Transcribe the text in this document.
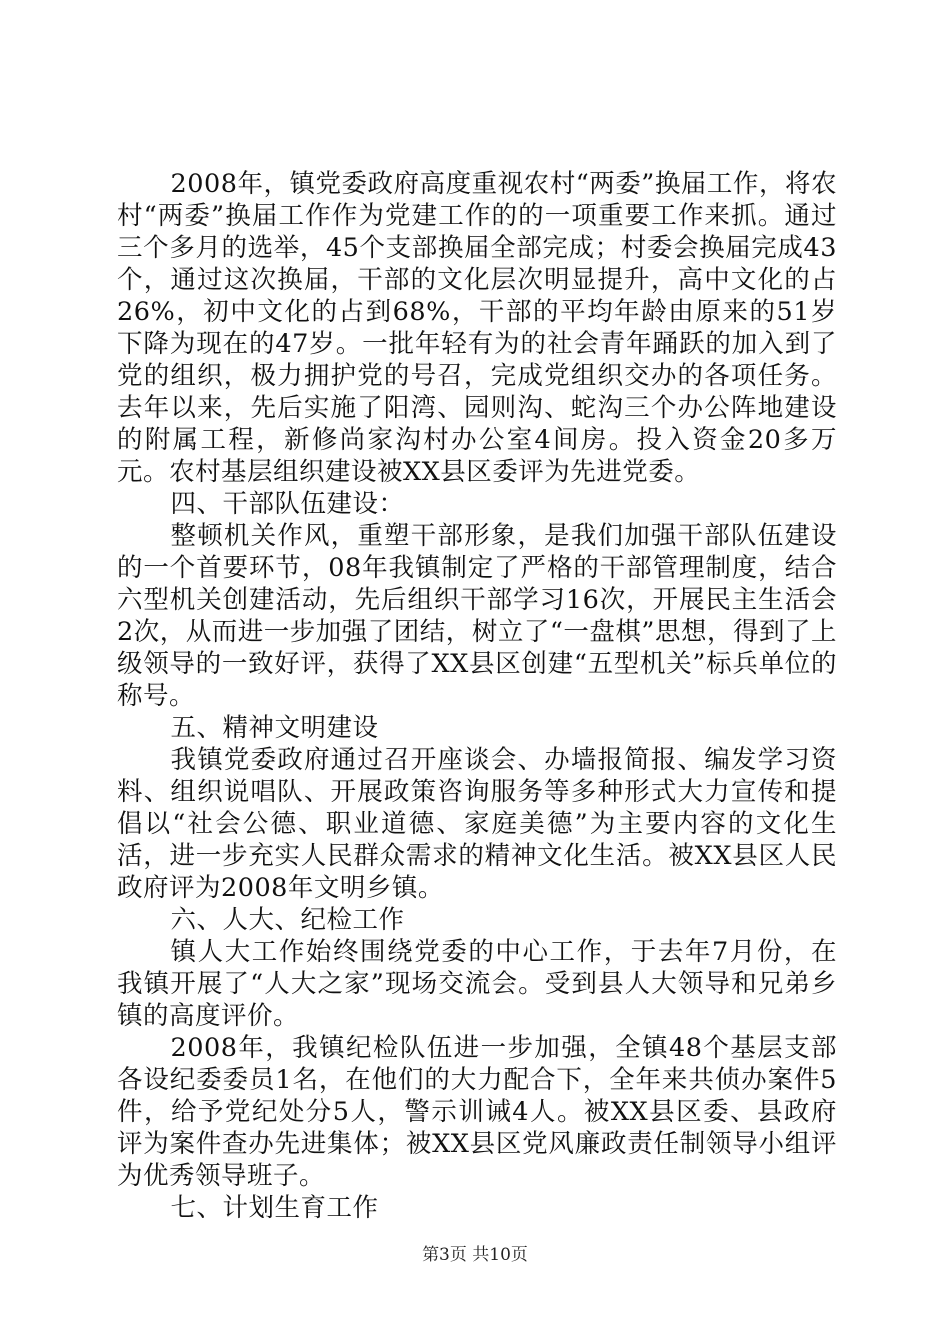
2008年，镇党委政府高度重视农村“两委”换届工作，将农村“两委”换届工作作为党建工作的的一项重要工作来抓。通过三个多月的选举，45个支部换届全部完成；村委会换届完成43个，通过这次换届，干部的文化层次明显提升，高中文化的占26%，初中文化的占到68%，干部的平均年龄由原来的51岁下降为现在的47岁。一批年轻有为的社会青年踊跃的加入到了党的组织，极力拥护党的号召，完成党组织交办的各项任务。去年以来，先后实施了阳湾、园则沟、蛇沟三个办公阵地建设的附属工程，新修尚家沟村办公室4间房。投入资金20多万元。农村基层组织建设被XX县区委评为先进党委。

四、干部队伍建设：

整顿机关作风，重塑干部形象，是我们加强干部队伍建设的一个首要环节，08年我镇制定了严格的干部管理制度，结合六型机关创建活动，先后组织干部学习16次，开展民主生活会2次，从而进一步加强了团结，树立了“一盘棋”思想，得到了上级领导的一致好评，获得了XX县区创建“五型机关”标兵单位的称号。

五、精神文明建设

我镇党委政府通过召开座谈会、办墙报简报、编发学习资料、组织说唱队、开展政策咨询服务等多种形式大力宣传和提倡以“社会公德、职业道德、家庭美德”为主要内容的文化生活，进一步充实人民群众需求的精神文化生活。被XX县区人民政府评为2008年文明乡镇。

六、人大、纪检工作

镇人大工作始终围绕党委的中心工作，于去年7月份，在我镇开展了“人大之家”现场交流会。受到县人大领导和兄弟乡镇的高度评价。

2008年，我镇纪检队伍进一步加强，全镇48个基层支部各设纪委委员1名，在他们的大力配合下，全年来共侦办案件5件，给予党纪处分5人，警示训诫4人。被XX县区委、县政府评为案件查办先进集体；被XX县区党风廉政责任制领导小组评为优秀领导班子。

七、计划生育工作

第3页 共10页
